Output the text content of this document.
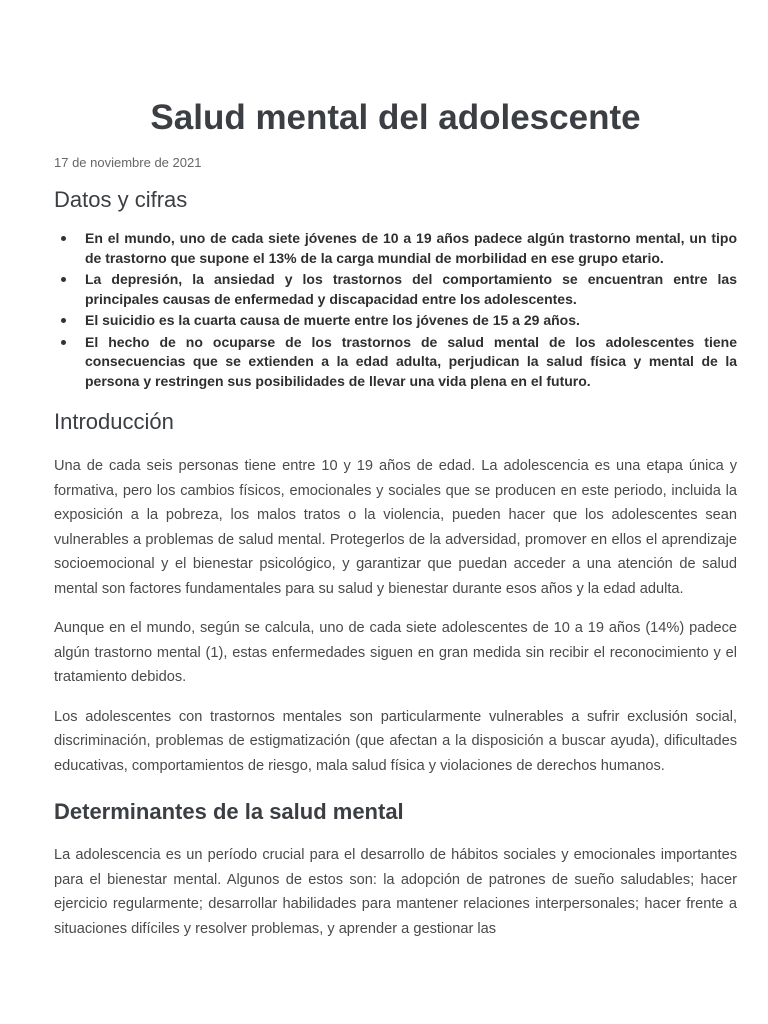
Salud mental del adolescente
17 de noviembre de 2021
Datos y cifras
En el mundo, uno de cada siete jóvenes de 10 a 19 años padece algún trastorno mental, un tipo de trastorno que supone el 13% de la carga mundial de morbilidad en ese grupo etario.
La depresión, la ansiedad y los trastornos del comportamiento se encuentran entre las principales causas de enfermedad y discapacidad entre los adolescentes.
El suicidio es la cuarta causa de muerte entre los jóvenes de 15 a 29 años.
El hecho de no ocuparse de los trastornos de salud mental de los adolescentes tiene consecuencias que se extienden a la edad adulta, perjudican la salud física y mental de la persona y restringen sus posibilidades de llevar una vida plena en el futuro.
Introducción

Una de cada seis personas tiene entre 10 y 19 años de edad. La adolescencia es una etapa única y formativa, pero los cambios físicos, emocionales y sociales que se producen en este periodo, incluida la exposición a la pobreza, los malos tratos o la violencia, pueden hacer que los adolescentes sean vulnerables a problemas de salud mental. Protegerlos de la adversidad, promover en ellos el aprendizaje socioemocional y el bienestar psicológico, y garantizar que puedan acceder a una atención de salud mental son factores fundamentales para su salud y bienestar durante esos años y la edad adulta.

Aunque en el mundo, según se calcula, uno de cada siete adolescentes de 10 a 19 años (14%) padece algún trastorno mental (1), estas enfermedades siguen en gran medida sin recibir el reconocimiento y el tratamiento debidos.

Los adolescentes con trastornos mentales son particularmente vulnerables a sufrir exclusión social, discriminación, problemas de estigmatización (que afectan a la disposición a buscar ayuda), dificultades educativas, comportamientos de riesgo, mala salud física y violaciones de derechos humanos.

Determinantes de la salud mental

La adolescencia es un período crucial para el desarrollo de hábitos sociales y emocionales importantes para el bienestar mental. Algunos de estos son: la adopción de patrones de sueño saludables; hacer ejercicio regularmente; desarrollar habilidades para mantener relaciones interpersonales; hacer frente a situaciones difíciles y resolver problemas, y aprender a gestionar las
